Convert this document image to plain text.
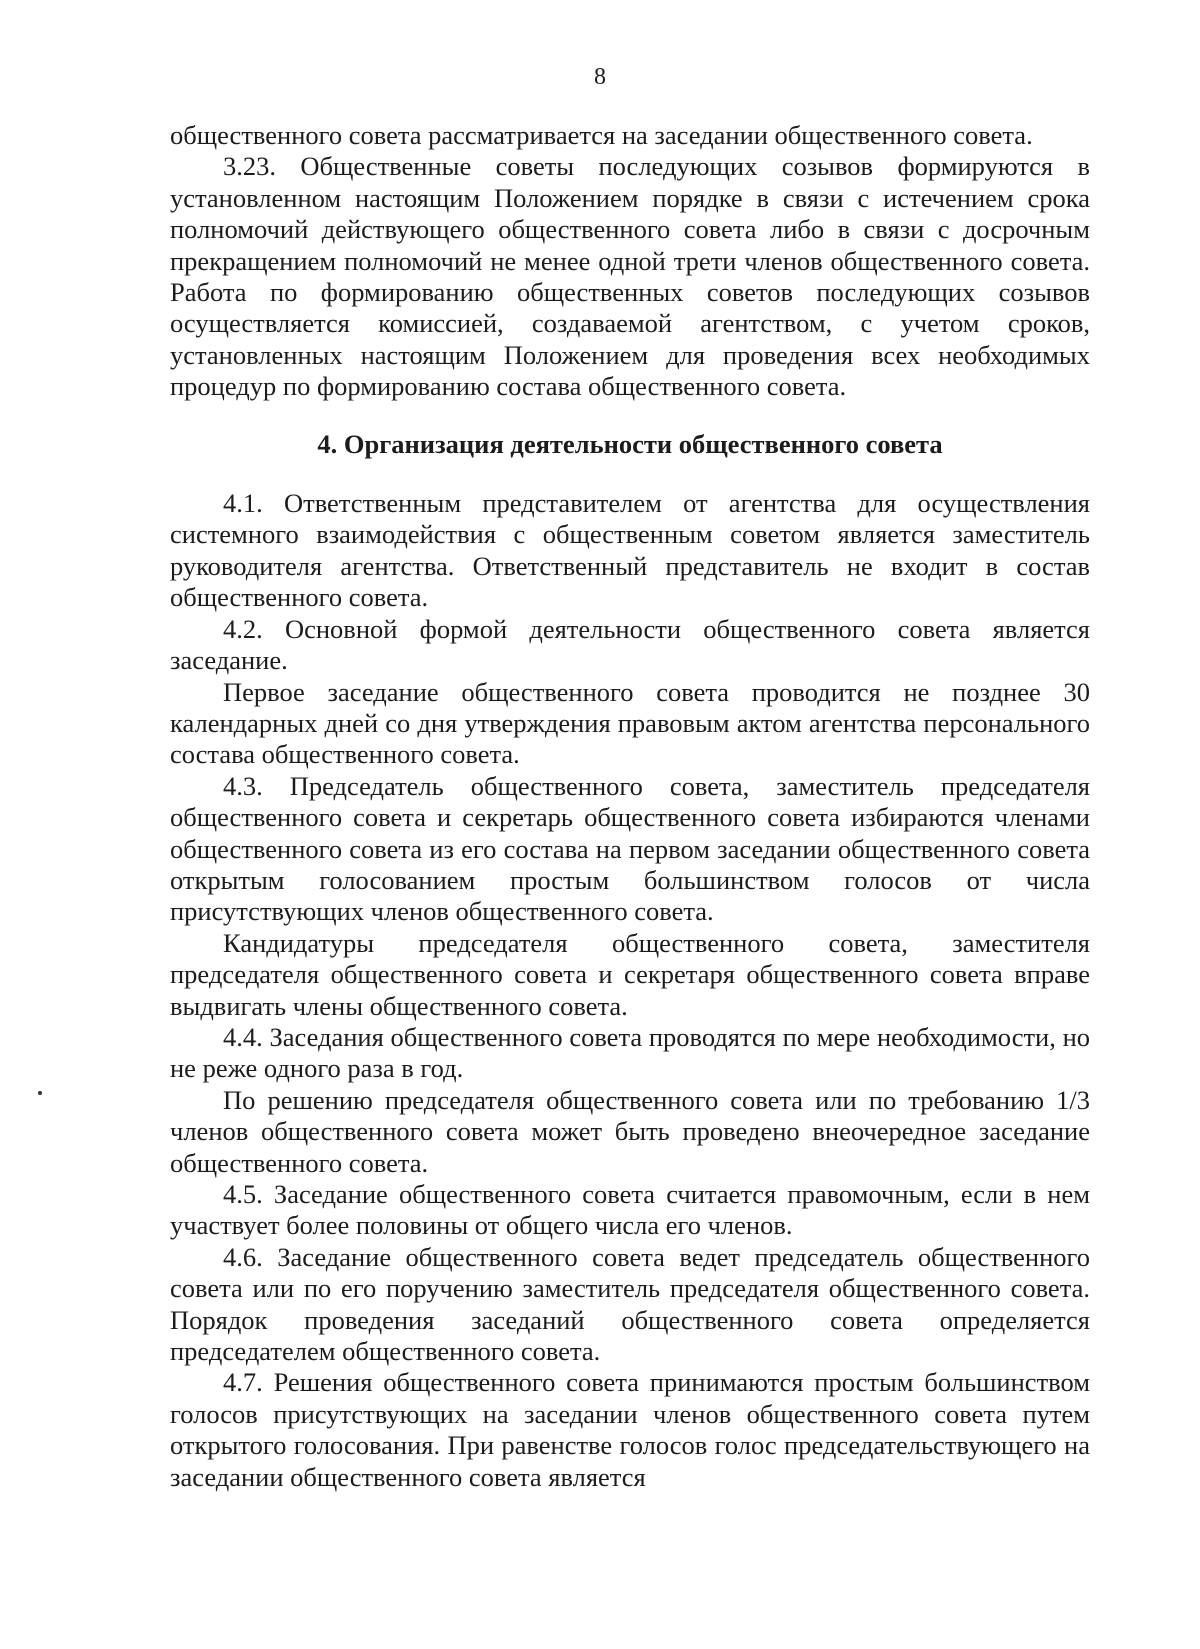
8

общественного совета рассматривается на заседании общественного совета.

3.23. Общественные советы последующих созывов формируются в установленном настоящим Положением порядке в связи с истечением срока полномочий действующего общественного совета либо в связи с досрочным прекращением полномочий не менее одной трети членов общественного совета. Работа по формированию общественных советов последующих созывов осуществляется комиссией, создаваемой агентством, с учетом сроков, установленных настоящим Положением для проведения всех необходимых процедур по формированию состава общественного совета.

4. Организация деятельности общественного совета

4.1. Ответственным представителем от агентства для осуществления системного взаимодействия с общественным советом является заместитель руководителя агентства. Ответственный представитель не входит в состав общественного совета.

4.2. Основной формой деятельности общественного совета является заседание.

Первое заседание общественного совета проводится не позднее 30 календарных дней со дня утверждения правовым актом агентства персонального состава общественного совета.

4.3. Председатель общественного совета, заместитель председателя общественного совета и секретарь общественного совета избираются членами общественного совета из его состава на первом заседании общественного совета открытым голосованием простым большинством голосов от числа присутствующих членов общественного совета.

Кандидатуры председателя общественного совета, заместителя председателя общественного совета и секретаря общественного совета вправе выдвигать члены общественного совета.

4.4. Заседания общественного совета проводятся по мере необходимости, но не реже одного раза в год.

По решению председателя общественного совета или по требованию 1/3 членов общественного совета может быть проведено внеочередное заседание общественного совета.

4.5. Заседание общественного совета считается правомочным, если в нем участвует более половины от общего числа его членов.

4.6. Заседание общественного совета ведет председатель общественного совета или по его поручению заместитель председателя общественного совета. Порядок проведения заседаний общественного совета определяется председателем общественного совета.

4.7. Решения общественного совета принимаются простым большинством голосов присутствующих на заседании членов общественного совета путем открытого голосования. При равенстве голосов голос председательствующего на заседании общественного совета является
